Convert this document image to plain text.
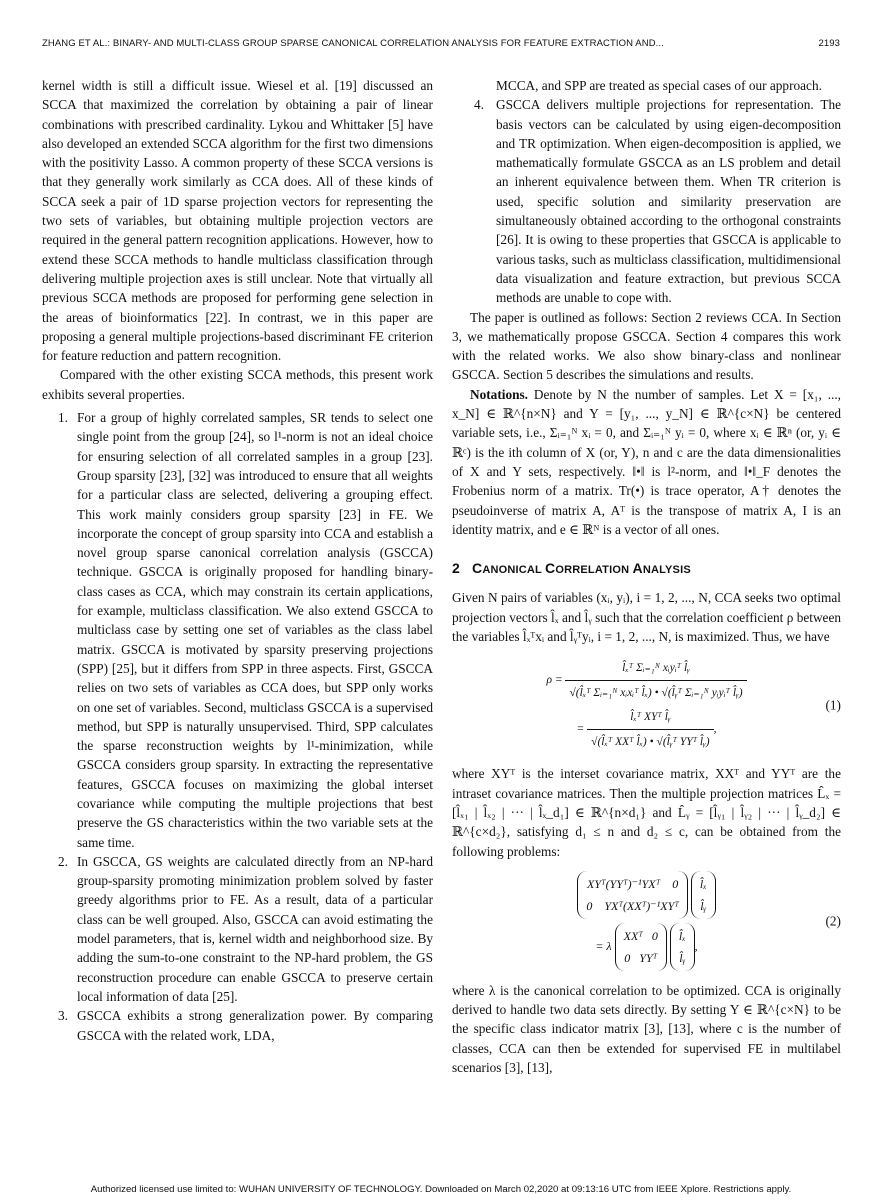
ZHANG ET AL.: BINARY- AND MULTI-CLASS GROUP SPARSE CANONICAL CORRELATION ANALYSIS FOR FEATURE EXTRACTION AND...	2193

kernel width is still a difficult issue. Wiesel et al. [19] discussed an SCCA that maximized the correlation by obtaining a pair of linear combinations with prescribed cardinality. Lykou and Whittaker [5] have also developed an extended SCCA algorithm for the first two dimensions with the positivity Lasso. A common property of these SCCA versions is that they generally work similarly as CCA does. All of these kinds of SCCA seek a pair of 1D sparse projection vectors for representing the two sets of variables, but obtaining multiple projection vectors are required in the general pattern recognition applications. However, how to extend these SCCA methods to handle multiclass classification through delivering multiple projection axes is still unclear. Note that virtually all previous SCCA methods are proposed for performing gene selection in the areas of bioinformatics [22]. In contrast, we in this paper are proposing a general multiple projections-based discriminant FE criterion for feature reduction and pattern recognition.

Compared with the other existing SCCA methods, this present work exhibits several properties.

1. For a group of highly correlated samples, SR tends to select one single point from the group [24], so l¹-norm is not an ideal choice for ensuring selection of all correlated samples in a group [23]. Group sparsity [23], [32] was introduced to ensure that all weights for a particular class are selected, delivering a grouping effect. This work mainly considers group sparsity [23] in FE. We incorporate the concept of group sparsity into CCA and establish a novel group sparse canonical correlation analysis (GSCCA) technique. GSCCA is originally proposed for handling binary-class cases as CCA, which may constrain its certain applications, for example, multiclass classification. We also extend GSCCA to multiclass case by setting one set of variables as the class label matrix. GSCCA is motivated by sparsity preserving projections (SPP) [25], but it differs from SPP in three aspects. First, GSCCA relies on two sets of variables as CCA does, but SPP only works on one set of variables. Second, multiclass GSCCA is a supervised method, but SPP is naturally unsupervised. Third, SPP calculates the sparse reconstruction weights by l¹-minimization, while GSCCA considers group sparsity. In extracting the representative features, GSCCA focuses on maximizing the global interset covariance while computing the multiple projections that best preserve the GS characteristics within the two variable sets at the same time.
2. In GSCCA, GS weights are calculated directly from an NP-hard group-sparsity promoting minimization problem solved by faster greedy algorithms prior to FE. As a result, data of a particular class can be well grouped. Also, GSCCA can avoid estimating the model parameters, that is, kernel width and neighborhood size. By adding the sum-to-one constraint to the NP-hard problem, the GS reconstruction procedure can enable GSCCA to preserve certain local information of data [25].
3. GSCCA exhibits a strong generalization power. By comparing GSCCA with the related work, LDA,
MCCA, and SPP are treated as special cases of our approach.
4. GSCCA delivers multiple projections for representation. The basis vectors can be calculated by using eigen-decomposition and TR optimization. When eigen-decomposition is applied, we mathematically formulate GSCCA as an LS problem and detail an inherent equivalence between them. When TR criterion is used, specific solution and similarity preservation are simultaneously obtained according to the orthogonal constraints [26]. It is owing to these properties that GSCCA is applicable to various tasks, such as multiclass classification, multidimensional data visualization and feature extraction, but previous SCCA methods are unable to cope with.

The paper is outlined as follows: Section 2 reviews CCA. In Section 3, we mathematically propose GSCCA. Section 4 compares this work with the related works. We also show binary-class and nonlinear GSCCA. Section 5 describes the simulations and results.

Notations. Denote by N the number of samples. Let X = [x₁, ..., x_N] ∈ ℝ^{n×N} and Y = [y₁, ..., y_N] ∈ ℝ^{c×N} be centered variable sets, i.e., Σᵢ₌₁ᴺ xᵢ = 0, and Σᵢ₌₁ᴺ yᵢ = 0, where xᵢ ∈ ℝⁿ (or, yᵢ ∈ ℝᶜ) is the ith column of X (or, Y), n and c are the data dimensionalities of X and Y sets, respectively. ‖•‖ is l²-norm, and ‖•‖_F denotes the Frobenius norm of a matrix. Tr(•) is trace operator, A† denotes the pseudoinverse of matrix A, Aᵀ is the transpose of matrix A, I is an identity matrix, and e ∈ ℝᴺ is a vector of all ones.

2 CANONICAL CORRELATION ANALYSIS

Given N pairs of variables (xᵢ, yᵢ), i = 1, 2, ..., N, CCA seeks two optimal projection vectors l̂ₓ and l̂ᵧ such that the correlation coefficient ρ between the variables l̂ₓᵀxᵢ and l̂ᵧᵀyᵢ, i = 1, 2, ..., N, is maximized. Thus, we have

$\rho = \frac{\text{l̂ₓᵀ Σᵢ₌₁ᴺ xᵢyᵢᵀ l̂ᵧ}}{\text{√(l̂ₓᵀ Σᵢ₌₁ᴺ xᵢxᵢᵀ l̂ₓ) • √(l̂ᵧᵀ Σᵢ₌₁ᴺ yᵢyᵢᵀ l̂ᵧ)}}$
= $\frac{\text{l̂ₓᵀ XYᵀ l̂ᵧ}}{\text{√(l̂ₓᵀ XXᵀ l̂ₓ) • √(l̂ᵧᵀ YYᵀ l̂ᵧ)}}$ ,
(1)

where XYᵀ is the interset covariance matrix, XXᵀ and YYᵀ are the intraset covariance matrices. Then the multiple projection matrices L̂ₓ = [l̂ₓ₁ | l̂ₓ₂ | ··· | l̂ₓ_d₁] ∈ ℝ^{n×d₁} and L̂ᵧ = [l̂ᵧ₁ | l̂ᵧ₂ | ··· | l̂ᵧ_d₂] ∈ ℝ^{c×d₂}, satisfying d₁ ≤ n and d₂ ≤ c, can be obtained from the following problems:

XYᵀ(YYᵀ)⁻¹YXᵀ 0
0 YXᵀ(XXᵀ)⁻¹XYᵀ l̂ₓ
l̂ᵧ
= λ XXᵀ 0
0 YYᵀ l̂ₓ
l̂ᵧ,
(2)

where λ is the canonical correlation to be optimized. CCA is originally derived to handle two data sets directly. By setting Y ∈ ℝ^{c×N} to be the specific class indicator matrix [3], [13], where c is the number of classes, CCA can then be extended for supervised FE in multilabel scenarios [3], [13],

Authorized licensed use limited to: WUHAN UNIVERSITY OF TECHNOLOGY. Downloaded on March 02,2020 at 09:13:16 UTC from IEEE Xplore. Restrictions apply.
